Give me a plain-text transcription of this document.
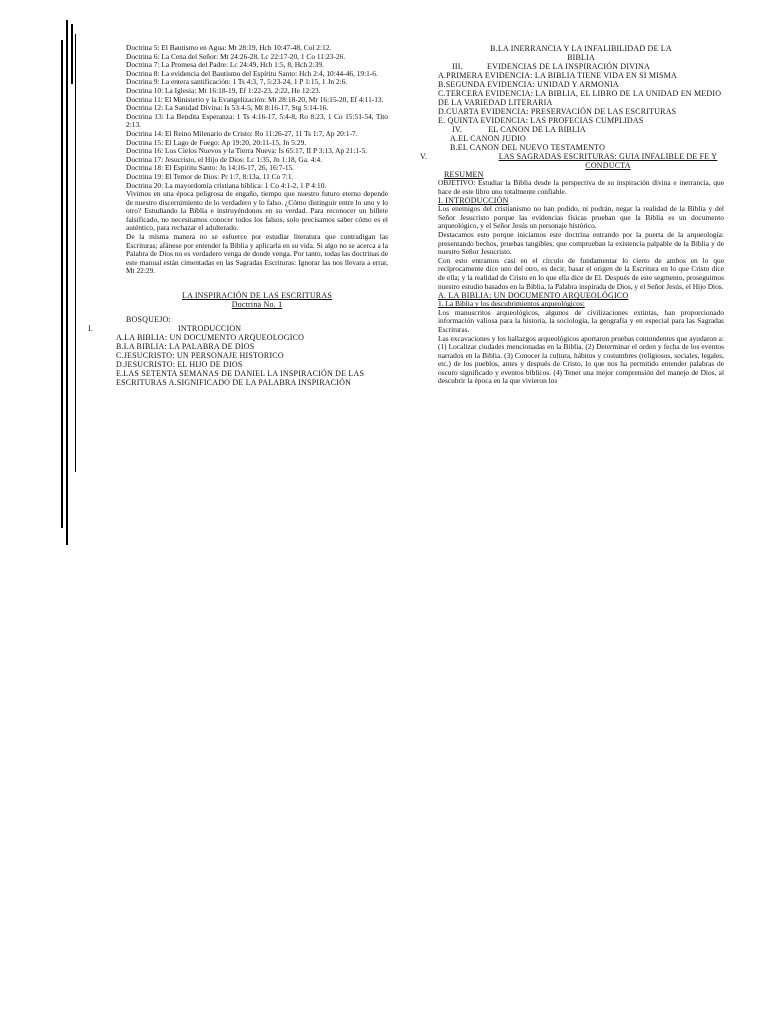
Doctrina 5: El Bautismo en Agua: Mt 28:19, Hch 10:47-48, Col 2:12.

Doctrina 6: La Cena del Señor: Mt 24:26-28, Lc 22:17-20, 1 Co 11:23-26.

Doctrina 7: La Promesa del Padre: Lc 24:49, Hch 1:5, 8, Hch 2:39.

Doctrina 8: La evidencia del Bautismo del Espíritu Santo: Hch 2:4, 10:44-46, 19:1-6.

Doctrina 9: La entera santificación: 1 Ts 4:3, 7, 5:23-24, 1 P 1:15, 1 Jn 2:6.

Doctrina 10: La Iglesia: Mt 16:18-19, Ef 1:22-23, 2:22, He 12:23.

Doctrina 11: El Ministerio y la Evangelización: Mt 28:18-20, Mr 16:15-20, Ef 4:11-13.

Doctrina 12: La Sanidad Divina: Is 53:4-5, Mt 8:16-17, Stg 5:14-16.

Doctrina 13: La Bendita Esperanza: 1 Ts 4:16-17, 5:4-8, Ro 8:23, 1 Co 15:51-54, Tito 2:13.

Doctrina 14: El Reino Milenario de Cristo: Ro 11:26-27, 11 Ts 1:7, Ap 20:1-7.

Doctrina 15: El Lago de Fuego: Ap 19:20, 20:11-15, Jn 5:29.

Doctrina 16: Los Cielos Nuevos y la Tierra Nueva: Is 65:17, II P 3:13, Ap 21:1-5.

Doctrina 17: Jesucristo, el Hijo de Dios: Lc 1:35, Jn 1:18, Ga. 4:4.

Doctrina 18: El Espíritu Santo: Jn 14:16-17, 26, 16:7-15.

Doctrina 19: El Temor de Dios: Pr 1:7, 8:13a, 11 Co 7:1.

Doctrina 20: La mayordomía cristiana bíblica: 1 Co 4:1-2, 1 P 4:10.

Vivimos en una época peligrosa de engaño, tiempo que nuestro futuro eterno depende de nuestro discernimiento de lo verdadero y lo falso. ¿Cómo distinguir entre lo uno y lo otro? Estudiando la Biblia e instruyéndonos en su verdad. Para reconocer un billete falsificado, no necesitamos conocer todos los falsos, solo precisamos saber cómo es el auténtico, para rechazar el adulterado.

De la misma manera no se esfuerce por estudiar literatura que contradigan las Escrituras; afánese por entender la Biblia y aplicarla en su vida. Si algo no se acerca a la Palabra de Dios no es verdadero venga de donde venga. Por tanto, todas las doctrinas de este manual están cimentadas en las Sagradas Escrituras: Ignorar las nos llevara a errar, Mt 22:29.

LA INSPIRACIÓN DE LAS ESCRITURAS

Doctrina No. 1

BOSQUEJO:

I.	INTRODUCCION

A.LA BIBLIA: UN DOCUMENTO ARQUEOLOGICO

B.LA BIBLIA: LA PALABRA DE DIOS

C.JESUCRISTO: UN PERSONAJE HISTORICO

D.JESUCRISTO: EL HIJO DE DIOS

E.LAS SETENTA SEMANAS DE DANIEL LA INSPIRACIÓN DE LAS ESCRITURAS A.SIGNIFICADO DE LA PALABRA INSPIRACIÓN

B.LA INERRANCIA Y LA INFALIBILIDAD DE LA BIBLIA

III.	EVIDENCIAS DE LA INSPIRACIÓN DIVINA

A.PRIMERA EVIDENCIA: LA BIBLIA TIENE VIDA EN SI MISMA

B.SEGUNDA EVIDENCIA: UNIDAD Y ARMONIA

C.TERCERA EVIDENCIA: LA BIBLIA, EL LIBRO DE LA UNIDAD EN MEDIO DE LA VARIEDAD LITERARIA

D.CUARTA EVIDENCIA: PRESERVACIÓN DE LAS ESCRITURAS

E. QUINTA EVIDENCIA: LAS PROFECIAS CUMPLIDAS

IV.	EL CANON DE LA BIBLIA

A.EL CANON JUDIO

B.EL CANON DEL NUEVO TESTAMENTO

V.	LAS SAGRADAS ESCRITURAS: GUIA INFALIBLE DE FE Y CONDUCTA

RESUMEN

OBJETIVO: Estudiar la Biblia desde la perspectiva de su inspiración divina e inerrancia, que hace de este libro uno totalmente confiable.

I. INTRODUCCIÓN

Los enemigos del cristianismo no han podido, ni podrán, negar la realidad de la Biblia y del Señor Jesucristo porque las evidencias físicas prueban que la Biblia es un documento arqueológico, y el Señor Jesús un personaje histórico.

Destacamos esto porque iniciamos este doctrina entrando por la puerta de la arqueología: presentando hechos, pruebas tangibles, que comprueban la existencia palpable de la Biblia y de nuestro Señor Jesucristo.

Con esto entramos casi en el círculo de fundamentar lo cierto de ambos en lo que recíprocamente dice uno del otro, es decir, basar el origen de la Escritura en lo que Cristo dice de ella; y la realidad de Cristo en lo que ella dice de El. Después de este segmento, proseguimos nuestro estudio basados en la Biblia, la Palabra inspirada de Dios, y el Señor Jesús, el Hijo Dios.

A. LA BIBLIA: UN DOCUMENTO ARQUEOLÓGICO

1. La Biblia y los descubrimientos arqueológicos:

Los manuscritos arqueológicos, algunos de civilizaciones extintas, han proporcionado información valiosa para la historia, la sociología, la geografía y en especial para las Sagradas Escrituras.

Las excavaciones y los hallazgos arqueológicos aportaron pruebas contundentes que ayudaron a: (1) Localizar ciudades mencionadas en la Biblia. (2) Determinar el orden y fecha de los eventos narrados en la Biblia. (3) Conocer la cultura, hábitos y costumbres (religiosos, sociales, legales, etc.) de los pueblos, antes y después de Cristo, lo que nos ha permitido entender palabras de oscuro significado y eventos bíblicos. (4) Tener una mejor comprensión del manejo de Dios, al descubrir la época en la que vivieron los
